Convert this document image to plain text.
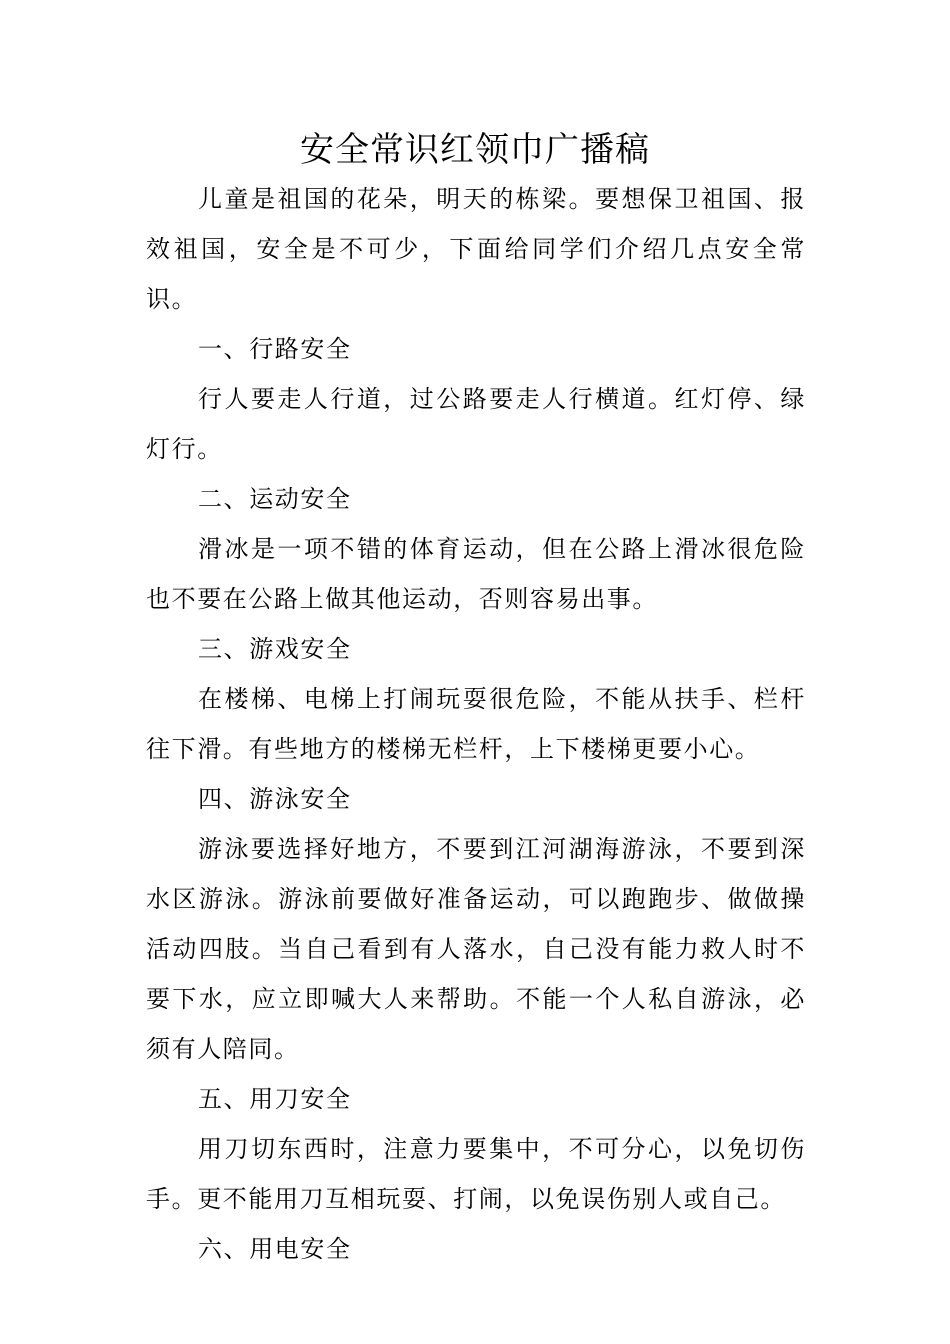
安全常识红领巾广播稿

儿童是祖国的花朵，明天的栋梁。要想保卫祖国、报效祖国，安全是不可少，下面给同学们介绍几点安全常识。

一、行路安全

行人要走人行道，过公路要走人行横道。红灯停、绿灯行。

二、运动安全

滑冰是一项不错的体育运动，但在公路上滑冰很危险也不要在公路上做其他运动，否则容易出事。

三、游戏安全

在楼梯、电梯上打闹玩耍很危险，不能从扶手、栏杆往下滑。有些地方的楼梯无栏杆，上下楼梯更要小心。

四、游泳安全

游泳要选择好地方，不要到江河湖海游泳，不要到深水区游泳。游泳前要做好准备运动，可以跑跑步、做做操活动四肢。当自己看到有人落水，自己没有能力救人时不要下水，应立即喊大人来帮助。不能一个人私自游泳，必须有人陪同。

五、用刀安全

用刀切东西时，注意力要集中，不可分心，以免切伤手。更不能用刀互相玩耍、打闹，以免误伤别人或自己。

六、用电安全
